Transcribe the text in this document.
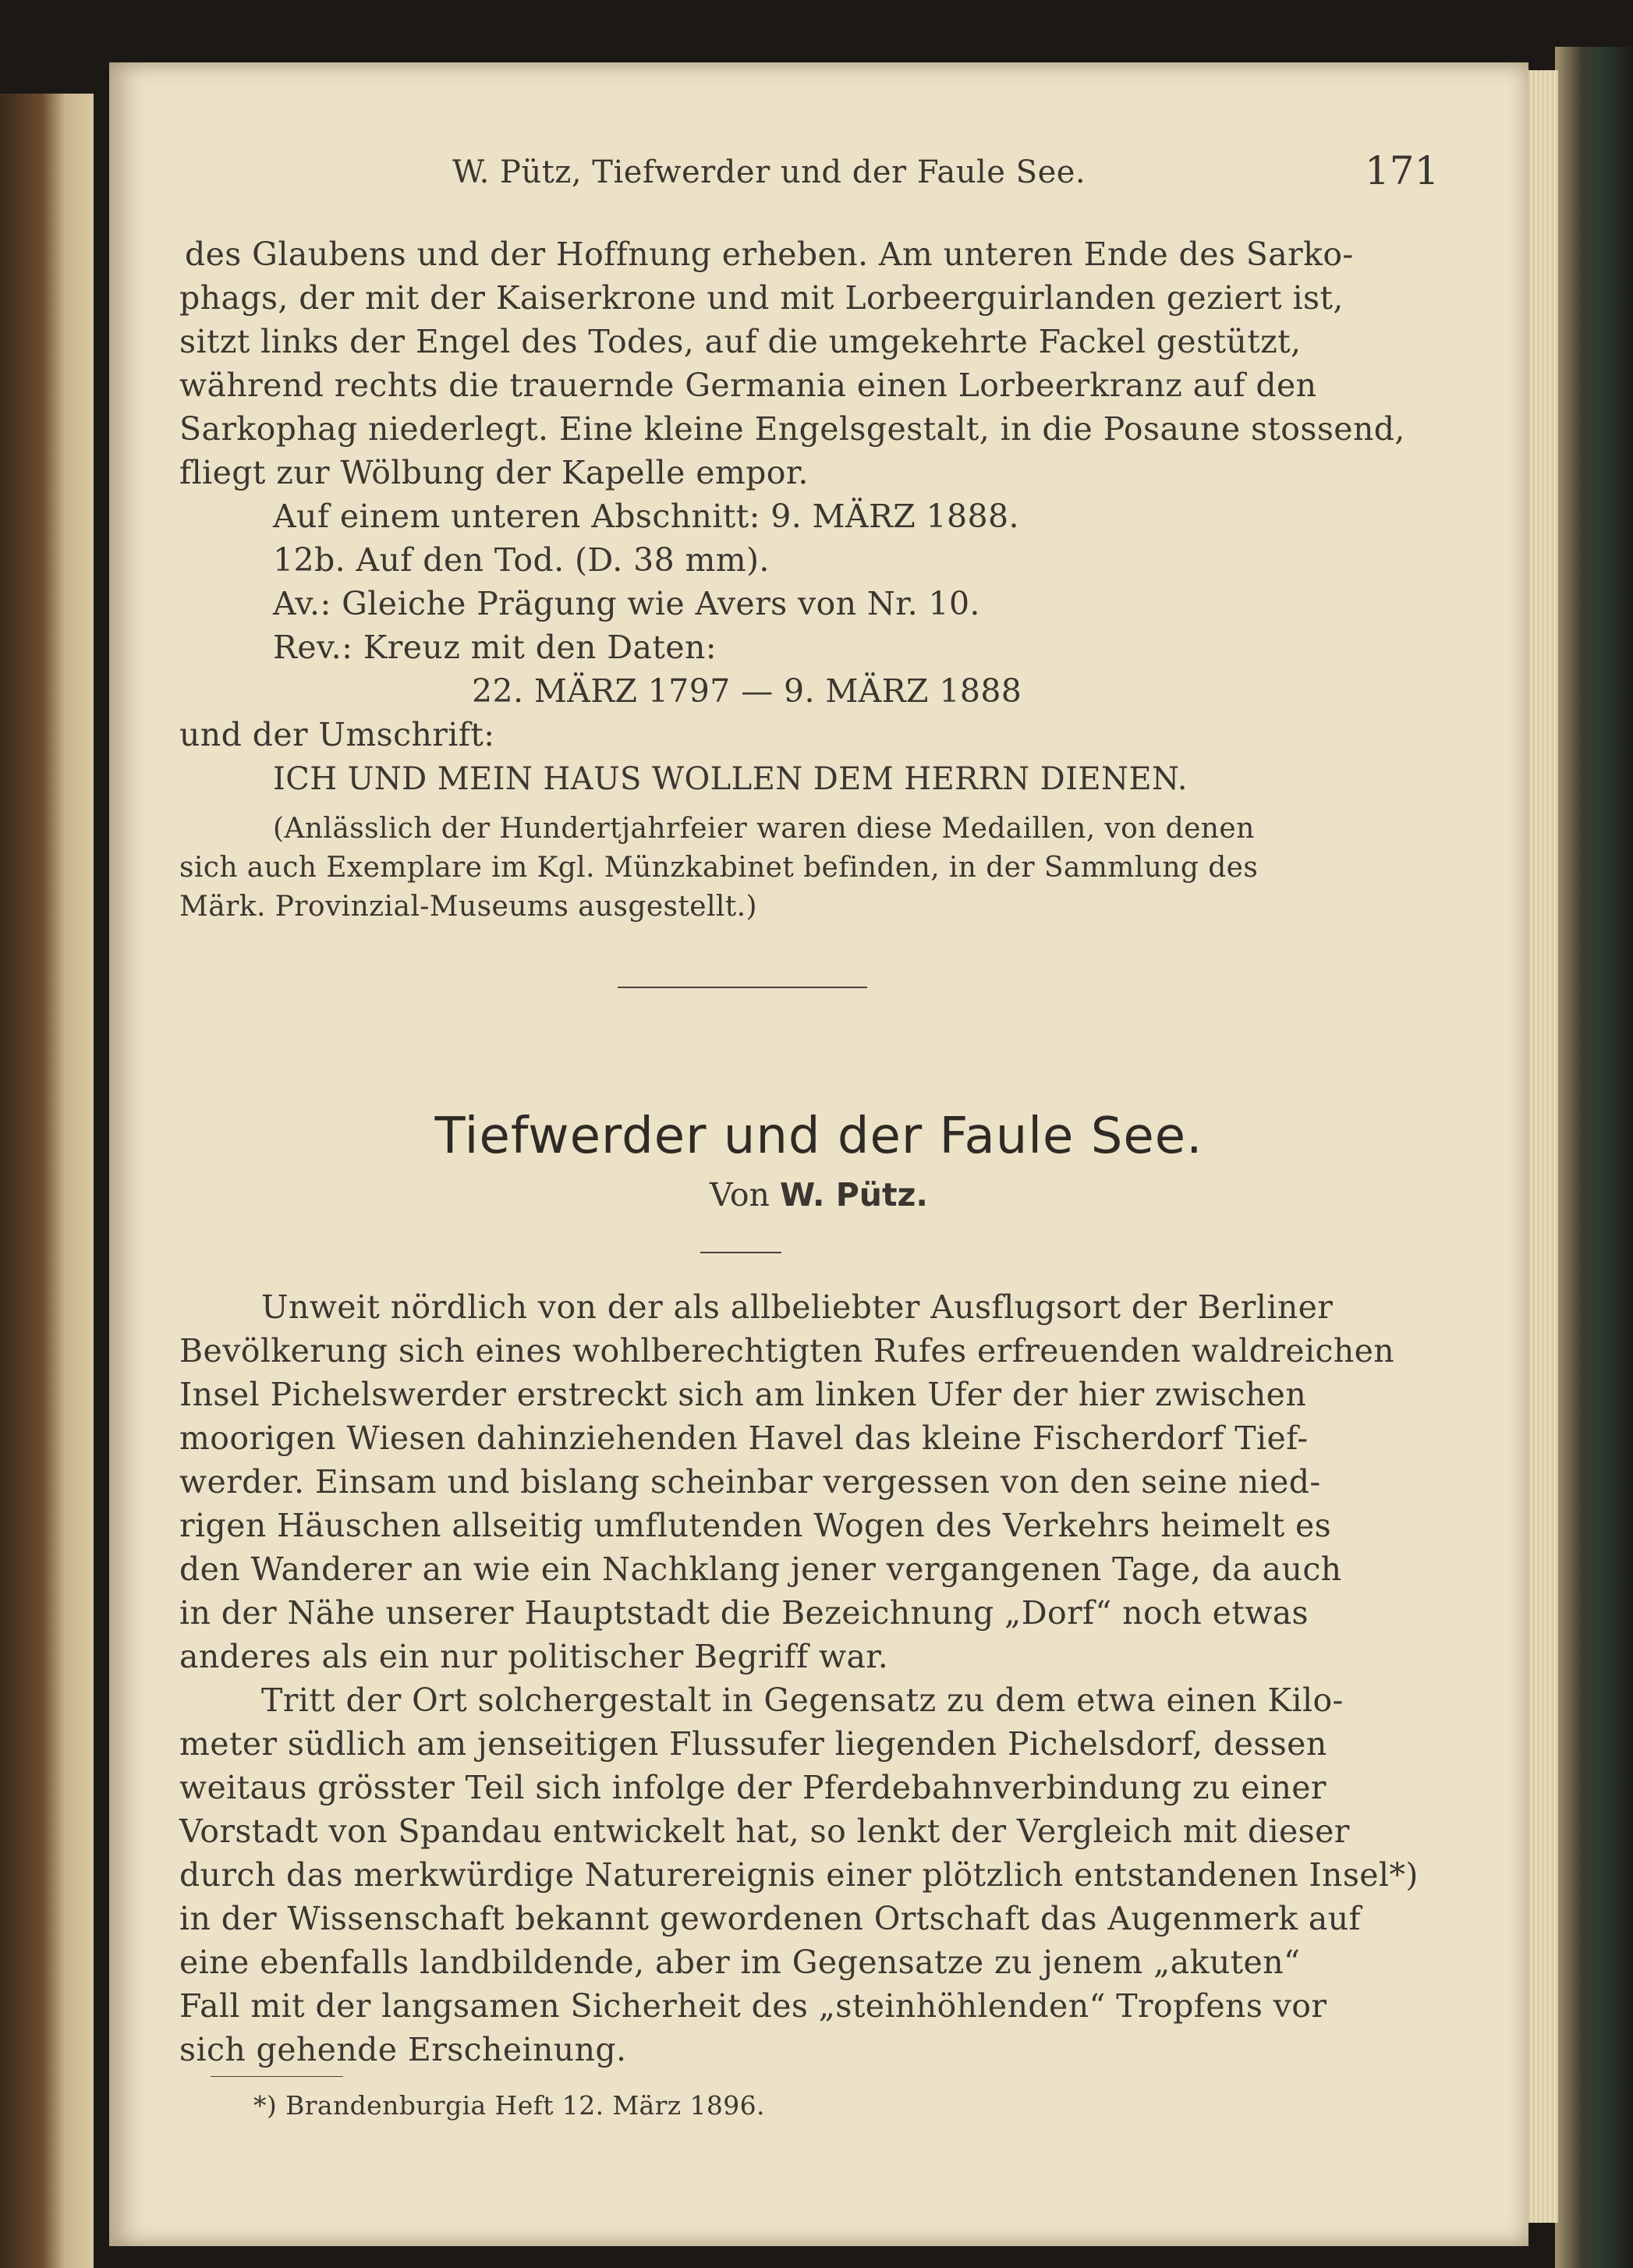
W. Pütz, Tiefwerder und der Faule See.	171
des Glaubens und der Hoffnung erheben. Am unteren Ende des Sarko-
phags, der mit der Kaiserkrone und mit Lorbeerguirlanden geziert ist,
sitzt links der Engel des Todes, auf die umgekehrte Fackel gestützt,
während rechts die trauernde Germania einen Lorbeerkranz auf den
Sarkophag niederlegt. Eine kleine Engelsgestalt, in die Posaune stossend,
fliegt zur Wölbung der Kapelle empor.
Auf einem unteren Abschnitt: 9. MÄRZ 1888.
12b. Auf den Tod. (D. 38 mm).
Av.: Gleiche Prägung wie Avers von Nr. 10.
Rev.: Kreuz mit den Daten:
22. MÄRZ 1797 — 9. MÄRZ 1888
und der Umschrift:
ICH UND MEIN HAUS WOLLEN DEM HERRN DIENEN.
(Anlässlich der Hundertjahrfeier waren diese Medaillen, von denen
sich auch Exemplare im Kgl. Münzkabinet befinden, in der Sammlung des
Märk. Provinzial-Museums ausgestellt.)
Tiefwerder und der Faule See.
Von W. Pütz.
Unweit nördlich von der als allbeliebter Ausflugsort der Berliner
Bevölkerung sich eines wohlberechtigten Rufes erfreuenden waldreichen
Insel Pichelswerder erstreckt sich am linken Ufer der hier zwischen
moorigen Wiesen dahinziehenden Havel das kleine Fischerdorf Tief-
werder. Einsam und bislang scheinbar vergessen von den seine nied-
rigen Häuschen allseitig umflutenden Wogen des Verkehrs heimelt es
den Wanderer an wie ein Nachklang jener vergangenen Tage, da auch
in der Nähe unserer Hauptstadt die Bezeichnung „Dorf“ noch etwas
anderes als ein nur politischer Begriff war.
Tritt der Ort solchergestalt in Gegensatz zu dem etwa einen Kilo-
meter südlich am jenseitigen Flussufer liegenden Pichelsdorf, dessen
weitaus grösster Teil sich infolge der Pferdebahnverbindung zu einer
Vorstadt von Spandau entwickelt hat, so lenkt der Vergleich mit dieser
durch das merkwürdige Naturereignis einer plötzlich entstandenen Insel*)
in der Wissenschaft bekannt gewordenen Ortschaft das Augenmerk auf
eine ebenfalls landbildende, aber im Gegensatze zu jenem „akuten“
Fall mit der langsamen Sicherheit des „steinhöhlenden“ Tropfens vor
sich gehende Erscheinung.
*) Brandenburgia Heft 12. März 1896.
